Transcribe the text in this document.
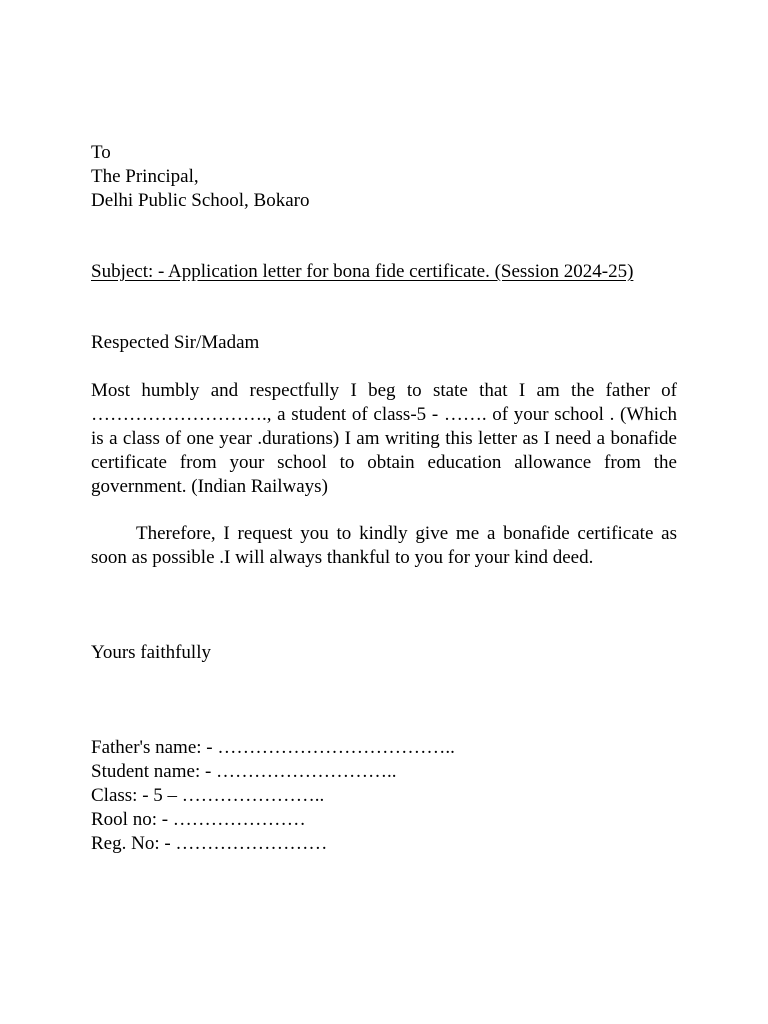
To
The Principal,
Delhi Public School, Bokaro
Subject: - Application letter for bona fide certificate. (Session 2024-25)
Respected Sir/Madam

Most humbly and respectfully I beg to state that I am the father of ………………………., a student of class-5 - ……. of your school . (Which is a class of one year .durations) I am writing this letter as I need a bonafide certificate from your school to obtain education allowance from the government. (Indian Railways)

Therefore, I request you to kindly give me a bonafide certificate as soon as possible .I will always thankful to you for your kind deed.

Yours faithfully
Father's name: - ………………………………..
Student name: - ………………………..
Class: - 5 – …………………..
Rool no: - …………………
Reg. No: - ……………………
